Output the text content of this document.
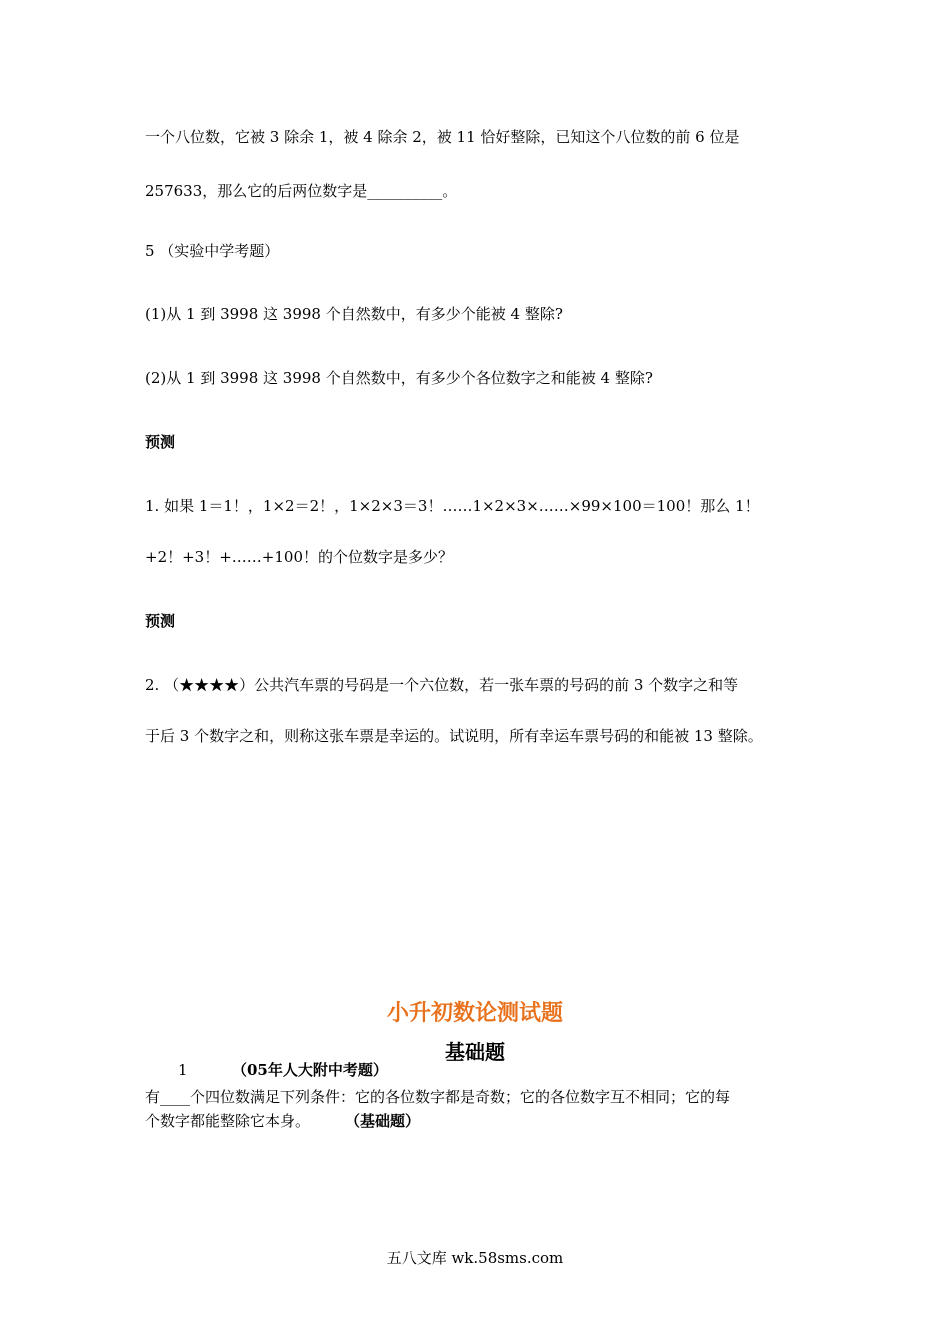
一个八位数，它被 3 除余 1，被 4 除余 2，被 11 恰好整除，已知这个八位数的前 6 位是
257633，那么它的后两位数字是__________。
5 （实验中学考题）
(1)从 1 到 3998 这 3998 个自然数中，有多少个能被 4 整除?
(2)从 1 到 3998 这 3998 个自然数中，有多少个各位数字之和能被 4 整除?
预测
1. 如果 1＝1！，1×2＝2！，1×2×3＝3！……1×2×3×……×99×100＝100！那么 1！
+2！+3！+……+100！的个位数字是多少？
预测
2. （★★★★）公共汽车票的号码是一个六位数，若一张车票的号码的前 3 个数字之和等
于后 3 个数字之和，则称这张车票是幸运的。试说明，所有幸运车票号码的和能被 13 整除。
小升初数论测试题
基础题
1	（05年人大附中考题）
有____个四位数满足下列条件：它的各位数字都是奇数；它的各位数字互不相同；它的每
个数字都能整除它本身。 （基础题）
五八文库 wk.58sms.com
